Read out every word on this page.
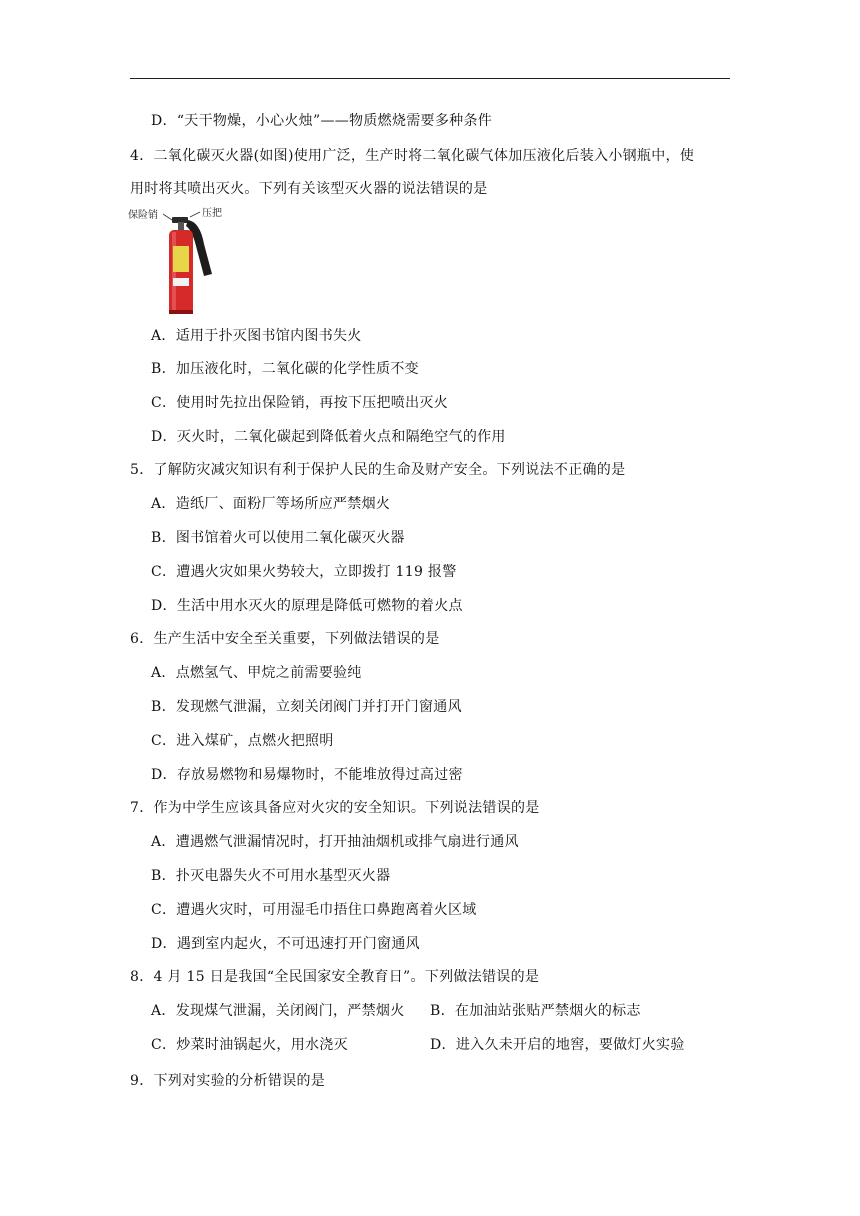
D．“天干物燥，小心火烛”——物质燃烧需要多种条件
4．二氧化碳灭火器(如图)使用广泛，生产时将二氧化碳气体加压液化后装入小钢瓶中，使
用时将其喷出灭火。下列有关该型灭火器的说法错误的是
保险销	压把
A．适用于扑灭图书馆内图书失火
B．加压液化时，二氧化碳的化学性质不变
C．使用时先拉出保险销，再按下压把喷出灭火
D．灭火时，二氧化碳起到降低着火点和隔绝空气的作用
5．了解防灾减灾知识有利于保护人民的生命及财产安全。下列说法不正确的是
A．造纸厂、面粉厂等场所应严禁烟火
B．图书馆着火可以使用二氧化碳灭火器
C．遭遇火灾如果火势较大，立即拨打 119 报警
D．生活中用水灭火的原理是降低可燃物的着火点
6．生产生活中安全至关重要，下列做法错误的是
A．点燃氢气、甲烷之前需要验纯
B．发现燃气泄漏，立刻关闭阀门并打开门窗通风
C．进入煤矿，点燃火把照明
D．存放易燃物和易爆物时，不能堆放得过高过密
7．作为中学生应该具备应对火灾的安全知识。下列说法错误的是
A．遭遇燃气泄漏情况时，打开抽油烟机或排气扇进行通风
B．扑灭电器失火不可用水基型灭火器
C．遭遇火灾时，可用湿毛巾捂住口鼻跑离着火区域
D．遇到室内起火，不可迅速打开门窗通风
8．4 月 15 日是我国“全民国家安全教育日”。下列做法错误的是
A．发现煤气泄漏，关闭阀门，严禁烟火 B．在加油站张贴严禁烟火的标志
C．炒菜时油锅起火，用水浇灭	D．进入久未开启的地窖，要做灯火实验
9．下列对实验的分析错误的是
